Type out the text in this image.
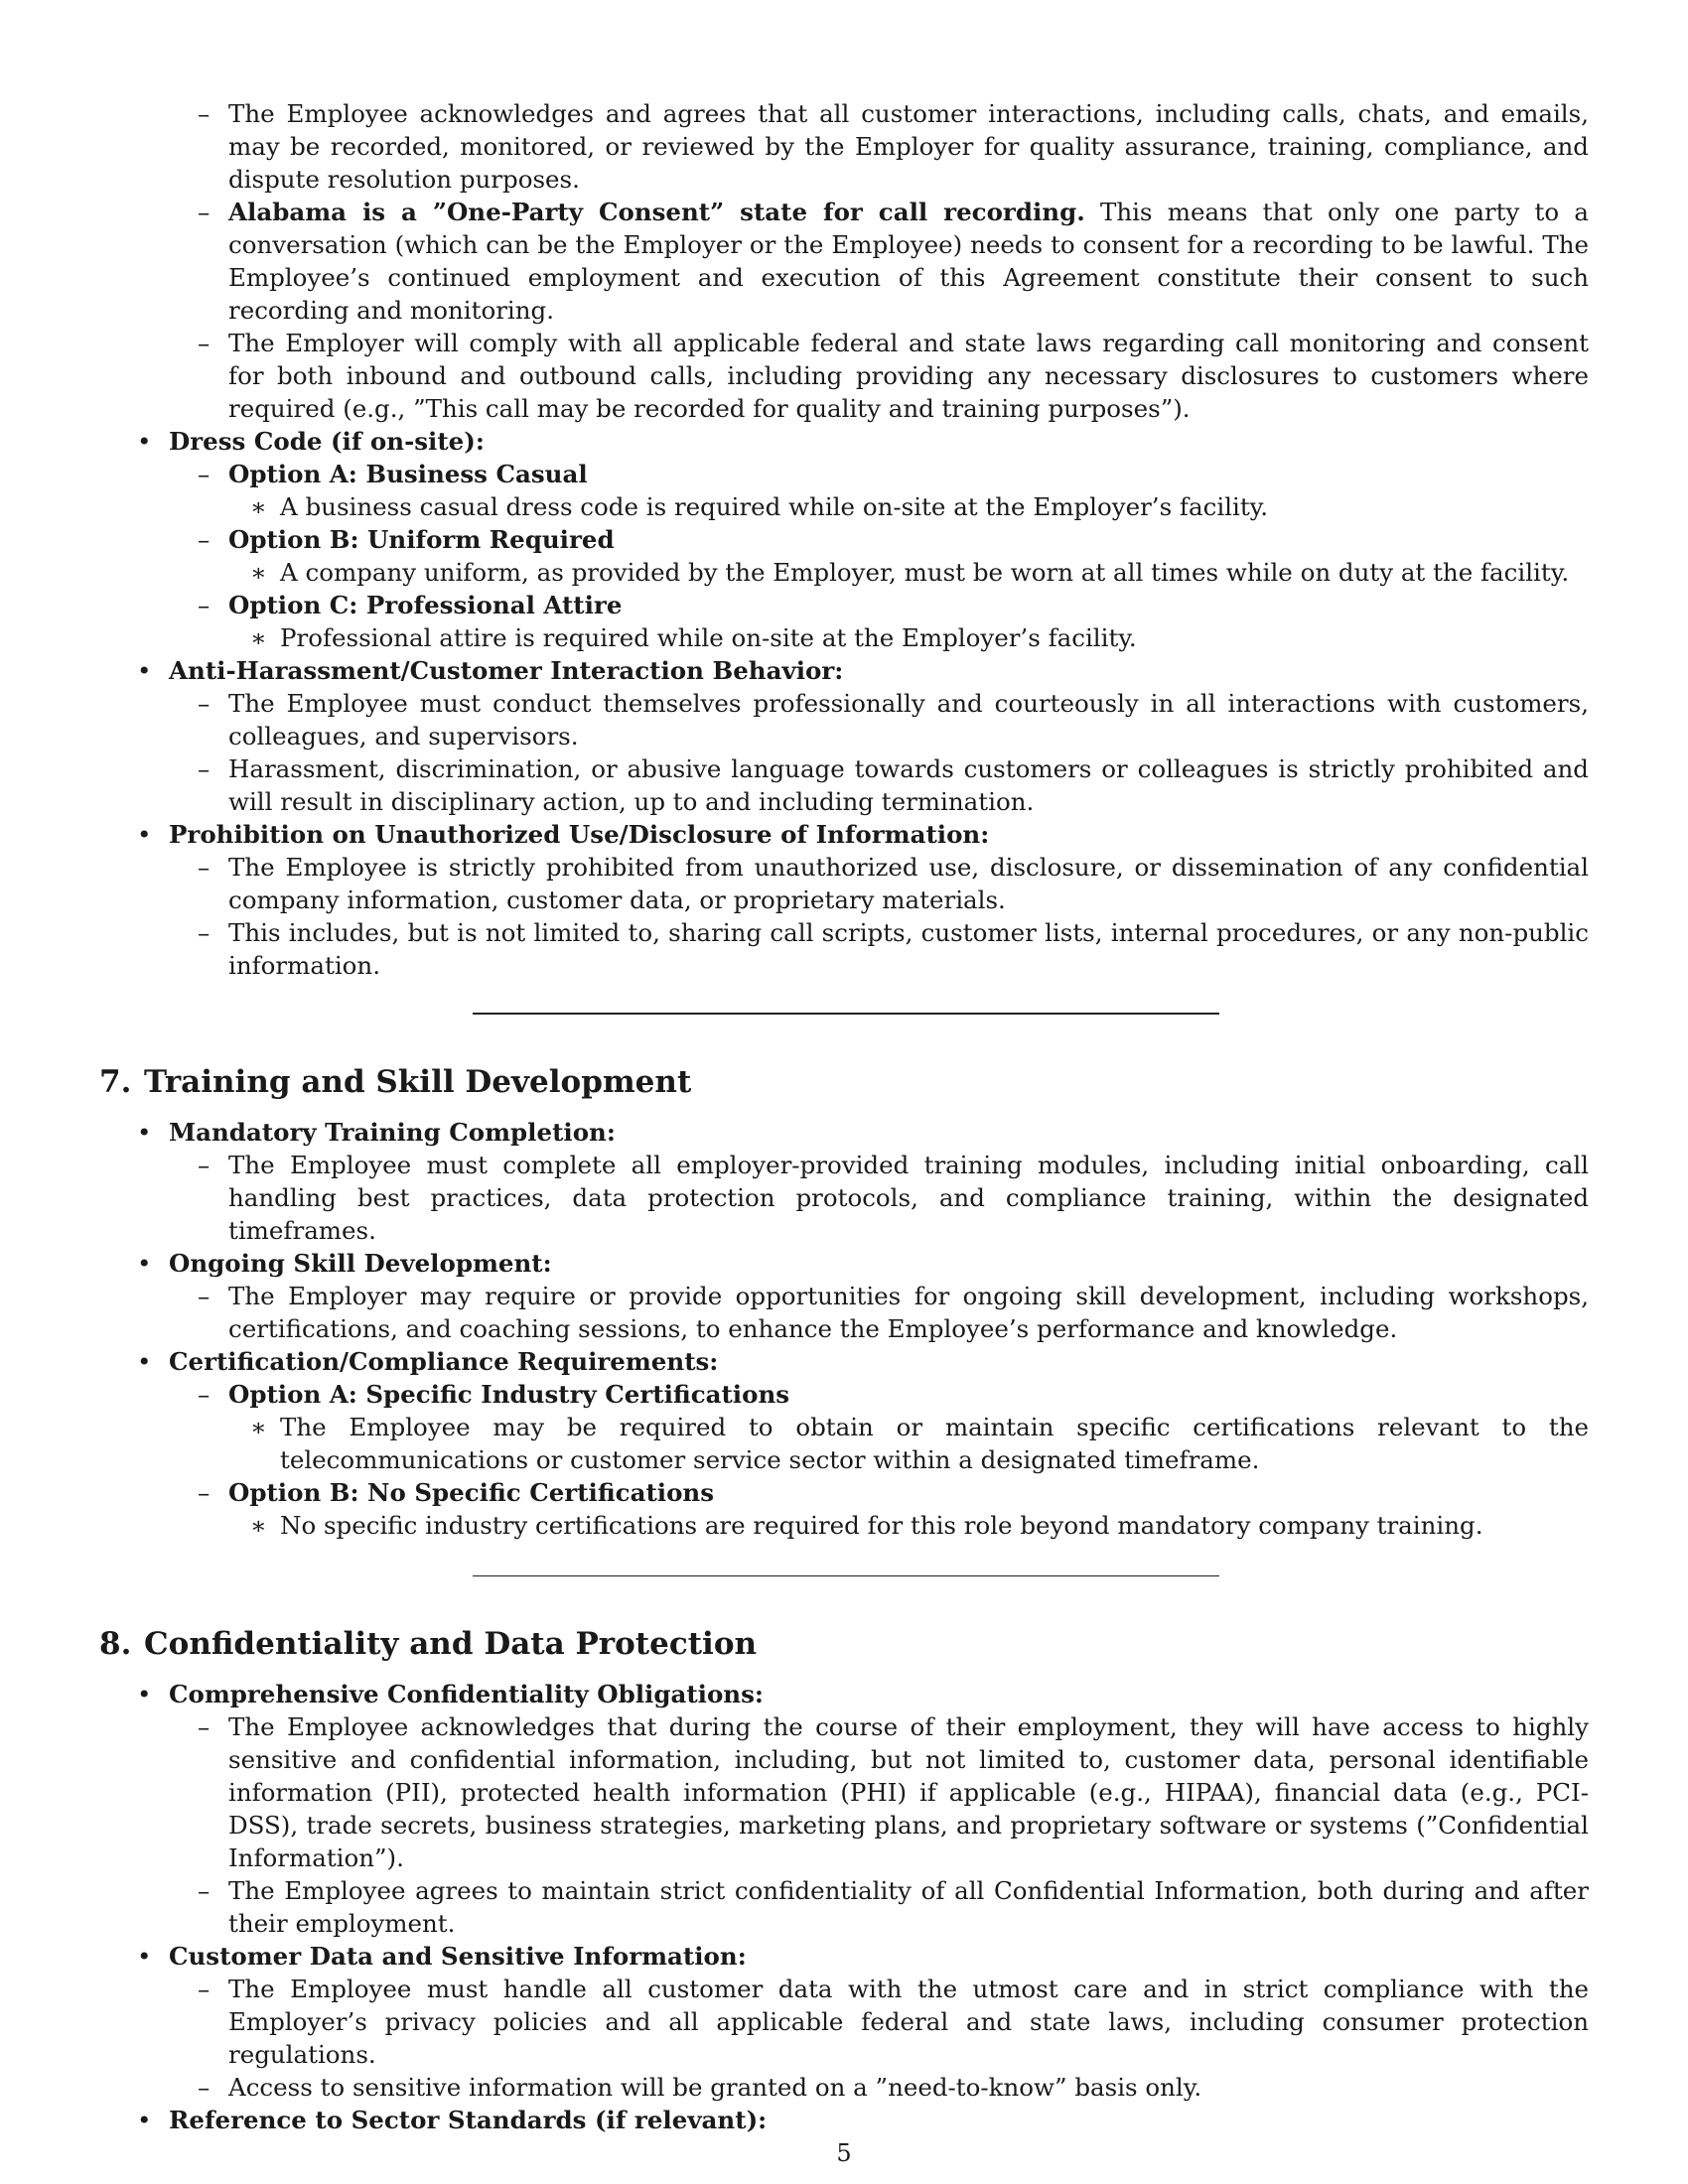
– The Employee acknowledges and agrees that all customer interactions, including calls, chats, and emails, may be recorded, monitored, or reviewed by the Employer for quality assurance, training, compliance, and dispute resolution purposes.
– Alabama is a ”One-Party Consent” state for call recording. This means that only one party to a conversation (which can be the Employer or the Employee) needs to consent for a recording to be lawful. The Employee’s continued employment and execution of this Agreement constitute their consent to such recording and monitoring.
– The Employer will comply with all applicable federal and state laws regarding call monitoring and consent for both inbound and outbound calls, including providing any necessary disclosures to customers where required (e.g., ”This call may be recorded for quality and training purposes”).
• Dress Code (if on-site):
– Option A: Business Casual
∗ A business casual dress code is required while on-site at the Employer’s facility.
– Option B: Uniform Required
∗ A company uniform, as provided by the Employer, must be worn at all times while on duty at the facility.
– Option C: Professional Attire
∗ Professional attire is required while on-site at the Employer’s facility.
• Anti-Harassment/Customer Interaction Behavior:
– The Employee must conduct themselves professionally and courteously in all interactions with customers, colleagues, and supervisors.
– Harassment, discrimination, or abusive language towards customers or colleagues is strictly prohibited and will result in disciplinary action, up to and including termination.
• Prohibition on Unauthorized Use/Disclosure of Information:
– The Employee is strictly prohibited from unauthorized use, disclosure, or dissemination of any confidential company information, customer data, or proprietary materials.
– This includes, but is not limited to, sharing call scripts, customer lists, internal procedures, or any non-public information.
7. Training and Skill Development
• Mandatory Training Completion:
– The Employee must complete all employer-provided training modules, including initial onboarding, call handling best practices, data protection protocols, and compliance training, within the designated timeframes.
• Ongoing Skill Development:
– The Employer may require or provide opportunities for ongoing skill development, including workshops, certifications, and coaching sessions, to enhance the Employee’s performance and knowledge.
• Certification/Compliance Requirements:
– Option A: Specific Industry Certifications
∗ The Employee may be required to obtain or maintain specific certifications relevant to the telecommunications or customer service sector within a designated timeframe.
– Option B: No Specific Certifications
∗ No specific industry certifications are required for this role beyond mandatory company training.
8. Confidentiality and Data Protection
• Comprehensive Confidentiality Obligations:
– The Employee acknowledges that during the course of their employment, they will have access to highly sensitive and confidential information, including, but not limited to, customer data, personal identifiable information (PII), protected health information (PHI) if applicable (e.g., HIPAA), financial data (e.g., PCI-DSS), trade secrets, business strategies, marketing plans, and proprietary software or systems (”Confidential Information”).
– The Employee agrees to maintain strict confidentiality of all Confidential Information, both during and after their employment.
• Customer Data and Sensitive Information:
– The Employee must handle all customer data with the utmost care and in strict compliance with the Employer’s privacy policies and all applicable federal and state laws, including consumer protection regulations.
– Access to sensitive information will be granted on a ”need-to-know” basis only.
• Reference to Sector Standards (if relevant):
5
